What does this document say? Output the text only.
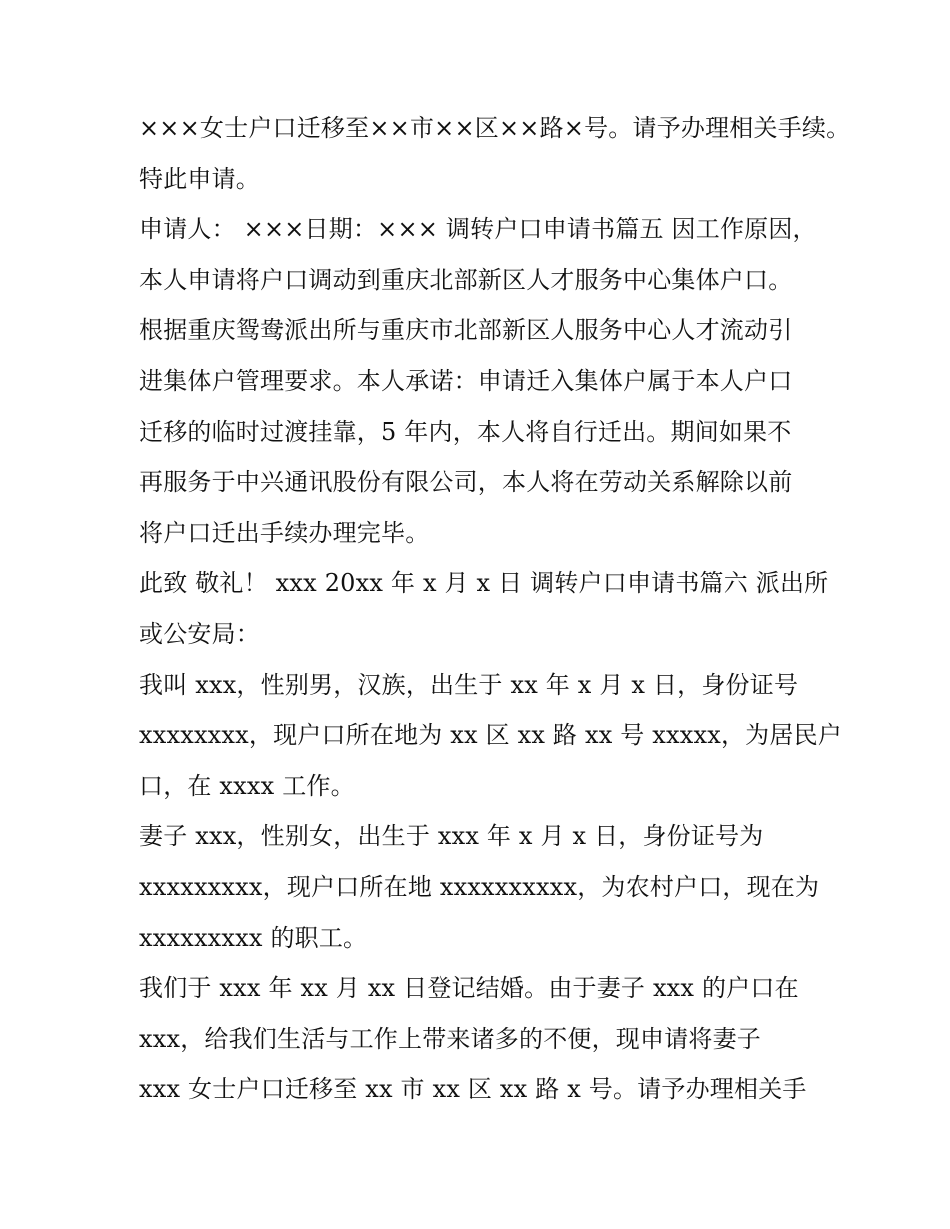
×××女士户口迁移至××市××区××路×号。请予办理相关手续。
特此申请。
申请人： ×××日期：××× 调转户口申请书篇五 因工作原因，
本人申请将户口调动到重庆北部新区人才服务中心集体户口。
根据重庆鸳鸯派出所与重庆市北部新区人服务中心人才流动引
进集体户管理要求。本人承诺：申请迁入集体户属于本人户口
迁移的临时过渡挂靠，5 年内，本人将自行迁出。期间如果不
再服务于中兴通讯股份有限公司，本人将在劳动关系解除以前
将户口迁出手续办理完毕。
此致 敬礼！ xxx 20xx 年 x 月 x 日 调转户口申请书篇六 派出所
或公安局：
我叫 xxx，性别男，汉族，出生于 xx 年 x 月 x 日，身份证号
xxxxxxxx，现户口所在地为 xx 区 xx 路 xx 号 xxxxx，为居民户
口，在 xxxx 工作。
妻子 xxx，性别女，出生于 xxx 年 x 月 x 日，身份证号为
xxxxxxxxx，现户口所在地 xxxxxxxxxx，为农村户口，现在为
xxxxxxxxx 的职工。
我们于 xxx 年 xx 月 xx 日登记结婚。由于妻子 xxx 的户口在
xxx，给我们生活与工作上带来诸多的不便，现申请将妻子
xxx 女士户口迁移至 xx 市 xx 区 xx 路 x 号。请予办理相关手
